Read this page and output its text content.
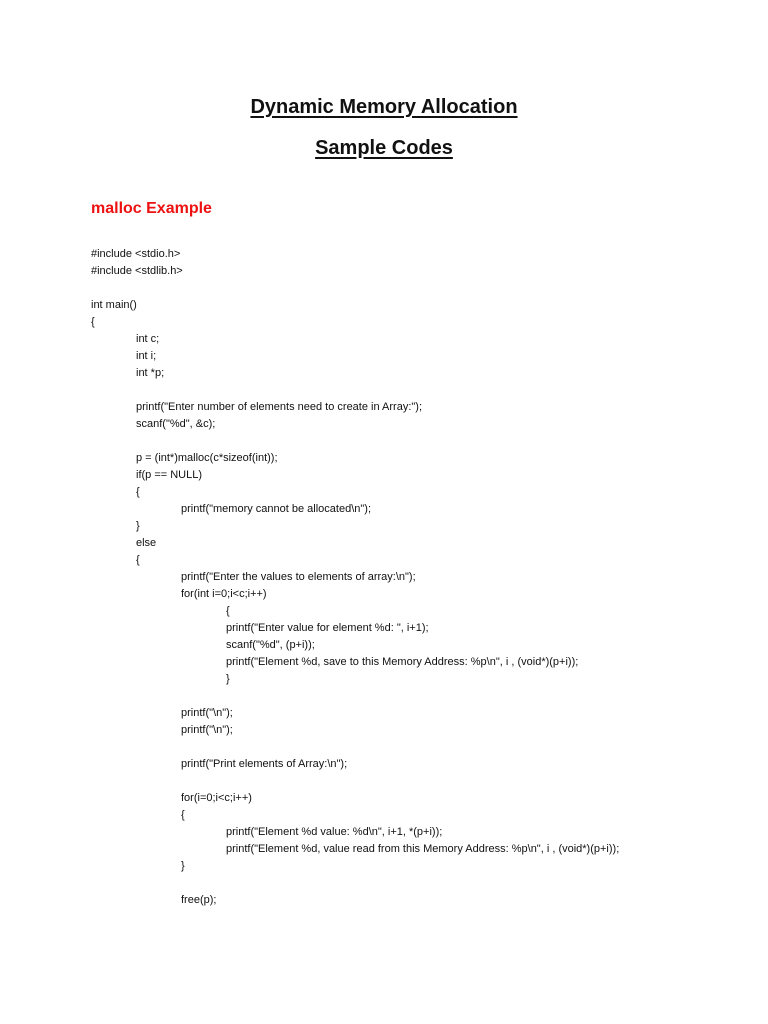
Dynamic Memory Allocation
Sample Codes
malloc Example
#include <stdio.h>
#include <stdlib.h>
int main()
{
int c;
int i;
int *p;
printf("Enter number of elements need to create in Array:");
scanf("%d", &c);
p = (int*)malloc(c*sizeof(int));
if(p == NULL)
{
printf("memory cannot be allocated\n");
}
else
{
printf("Enter the values to elements of array:\n");
for(int i=0;i<c;i++)
{
printf("Enter value for element %d: ", i+1);
scanf("%d", (p+i));
printf("Element %d, save to this Memory Address: %p\n", i , (void*)(p+i));
}
printf("\n");
printf("\n");
printf("Print elements of Array:\n");
for(i=0;i<c;i++)
{
printf("Element %d value: %d\n", i+1, *(p+i));
printf("Element %d, value read from this Memory Address: %p\n", i , (void*)(p+i));
}
free(p);
